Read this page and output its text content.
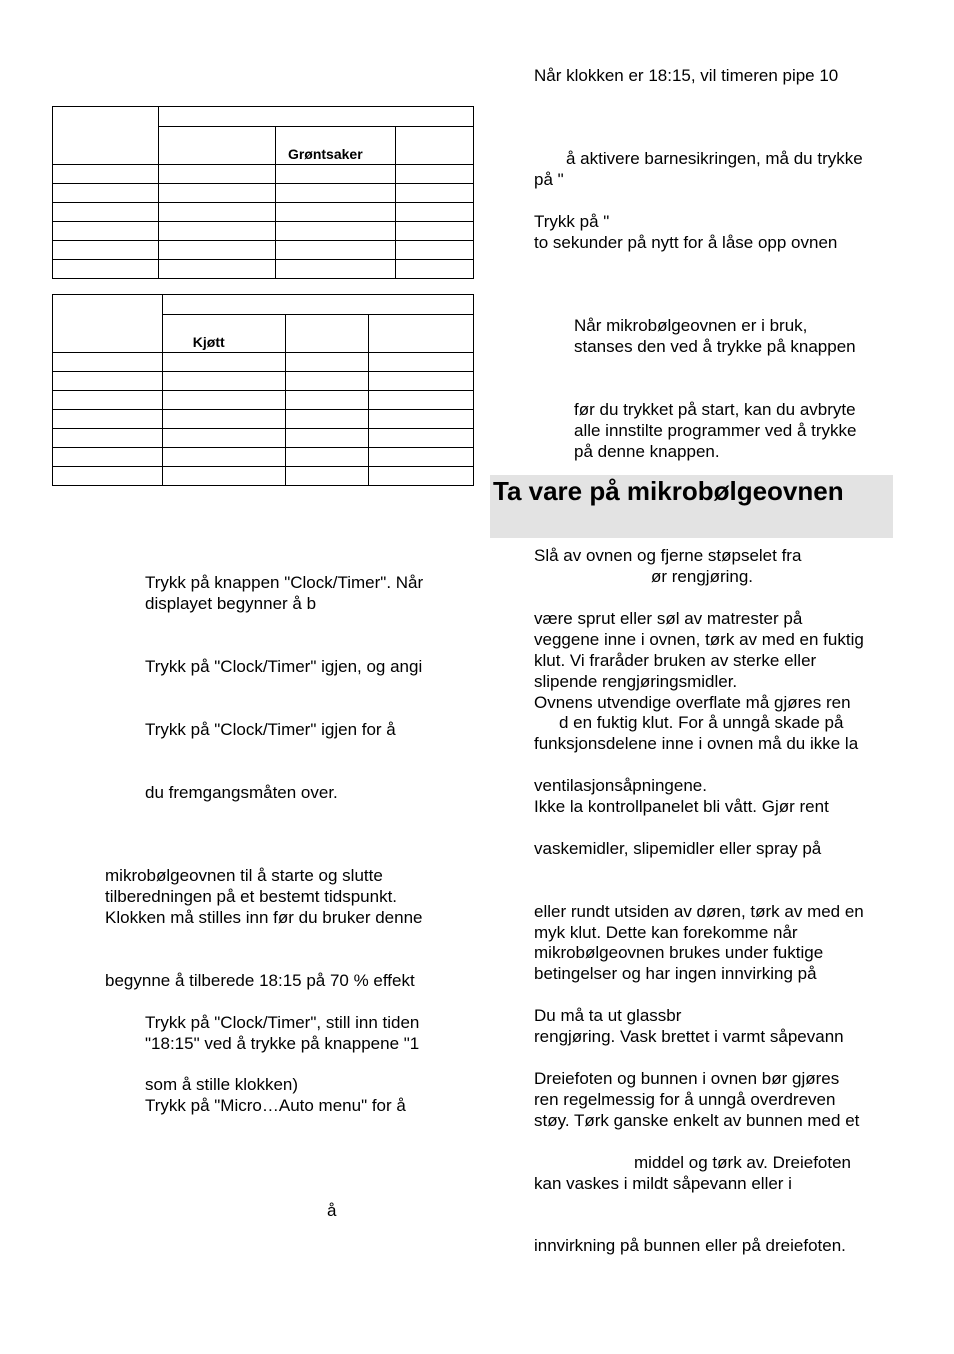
		Grøntsaker	

	Kjøtt		

Trykk på knappen "Clock/Timer". Når
displayet begynner å b
Trykk på "Clock/Timer" igjen, og angi
Trykk på "Clock/Timer" igjen for å
du fremgangsmåten over.
mikrobølgeovnen til å starte og slutte
tilberedningen på et bestemt tidspunkt.
Klokken må stilles inn før du bruker denne
begynne å tilberede 18:15 på 70 % effekt
Trykk på "Clock/Timer", still inn tiden
"18:15" ved å trykke på knappene "1
som å stille klokken)
Trykk på "Micro…Auto menu" for å
å
Når klokken er 18:15, vil timeren pipe 10
å aktivere barnesikringen, må du trykke
på "
Trykk på "
to sekunder på nytt for å låse opp ovnen
Når mikrobølgeovnen er i bruk,
stanses den ved å trykke på knappen
før du trykket på start, kan du avbryte
alle innstilte programmer ved å trykke
på denne knappen.
Ta vare på mikrobølgeovnen
Slå av ovnen og fjerne støpselet fra
ør rengjøring.
være sprut eller søl av matrester på
veggene inne i ovnen, tørk av med en fuktig
klut. Vi fraråder bruken av sterke eller
slipende rengjøringsmidler.
Ovnens utvendige overflate må gjøres ren
d en fuktig klut. For å unngå skade på
funksjonsdelene inne i ovnen må du ikke la
ventilasjonsåpningene.
Ikke la kontrollpanelet bli vått. Gjør rent
vaskemidler, slipemidler eller spray på
eller rundt utsiden av døren, tørk av med en
myk klut. Dette kan forekomme når
mikrobølgeovnen brukes under fuktige
betingelser og har ingen innvirking på
Du må ta ut glassbr
rengjøring. Vask brettet i varmt såpevann
Dreiefoten og bunnen i ovnen bør gjøres
ren regelmessig for å unngå overdreven
støy. Tørk ganske enkelt av bunnen med et
middel og tørk av. Dreiefoten
kan vaskes i mildt såpevann eller i
innvirkning på bunnen eller på dreiefoten.
